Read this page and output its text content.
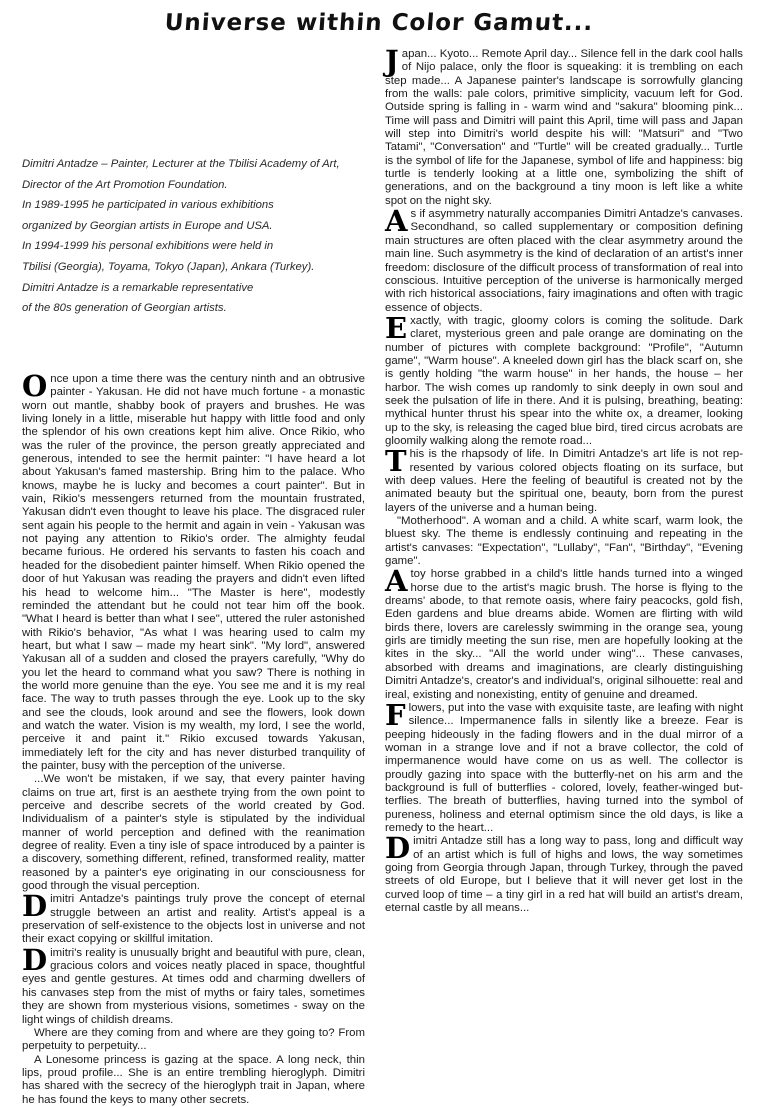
Universe within Color Gamut...
Dimitri Antadze – Painter, Lecturer at the Tbilisi Academy of Art,
Director of the Art Promotion Foundation.
In 1989-1995 he participated in various exhibitions
organized by Georgian artists in Europe and USA.
In 1994-1999 his personal exhibitions were held in
Tbilisi (Georgia), Toyama, Tokyo (Japan), Ankara (Turkey).
Dimitri Antadze is a remarkable representative
of the 80s generation of Georgian artists.

Once upon a time there was the century ninth and an obtrusive painter - Yakusan. He did not have much fortune - a monastic worn out mantle, shabby book of prayers and brushes. He was living lonely in a little, miserable hut happy with little food and only the splendor of his own creations kept him alive. Once Rikio, who was the ruler of the province, the person greatly appreciated and generous, intended to see the hermit painter: "I have heard a lot about Yakusan's famed mastership. Bring him to the palace. Who knows, maybe he is lucky and becomes a court painter". But in vain, Rikio's messengers returned from the mountain frustrated, Yakusan didn't even thought to leave his place. The disgraced ruler sent again his people to the hermit and again in vein - Yakusan was not paying any attention to Rikio's order. The almighty feudal became furious. He ordered his servants to fasten his coach and headed for the disobedient painter himself. When Rikio opened the door of hut Yakusan was reading the prayers and didn't even lifted his head to welcome him... "The Master is here", modestly reminded the attendant but he could not tear him off the book. "What I heard is better than what I see", uttered the ruler astonished with Rikio's behavior, "As what I was hearing used to calm my heart, but what I saw – made my heart sink". "My lord", answered Yakusan all of a sudden and closed the prayers carefully, "Why do you let the heard to command what you saw? There is nothing in the world more genuine than the eye. You see me and it is my real face. The way to truth passes through the eye. Look up to the sky and see the clouds, look around and see the flowers, look down and watch the water. Vision is my wealth, my lord, I see the world, perceive it and paint it." Rikio excused towards Yakusan, immediately left for the city and has never disturbed tranquility of the painter, busy with the perception of the universe.

...We won't be mistaken, if we say, that every painter having claims on true art, first is an aesthete trying from the own point to perceive and describe secrets of the world created by God. Individualism of a painter's style is stipulated by the individual manner of world perception and defined with the reanimation degree of reality. Even a tiny isle of space introduced by a painter is a discovery, something different, refined, transformed reality, matter reasoned by a painter's eye originating in our consciousness for good through the visual perception.

Dimitri Antadze's paintings truly prove the concept of eternal struggle between an artist and reality. Artist's appeal is a preservation of self-existence to the objects lost in universe and not their exact copying or skillful imitation.

Dimitri's reality is unusually bright and beautiful with pure, clean, gracious colors and voices neatly placed in space, thoughtful eyes and gentle gestures. At times odd and charming dwellers of his canvases step from the mist of myths or fairy tales, sometimes they are shown from mysterious visions, sometimes - sway on the light wings of childish dreams.

Where are they coming from and where are they going to? From perpetuity to perpetuity...

A Lonesome princess is gazing at the space. A long neck, thin lips, proud profile... She is an entire trembling hieroglyph. Dimitri has shared with the secrecy of the hieroglyph trait in Japan, where he has found the keys to many other secrets.

Japan... Kyoto... Remote April day... Silence fell in the dark cool halls of Nijo palace, only the floor is squeaking: it is trembling on each step made... A Japanese painter's landscape is sorrowfully glancing from the walls: pale colors, primitive simplicity, vacuum left for God. Outside spring is falling in - warm wind and "sakura" blooming pink... Time will pass and Dimitri will paint this April, time will pass and Japan will step into Dimitri's world despite his will: "Matsuri" and "Two Tatami", "Conversation" and "Turtle" will be created gradually... Turtle is the symbol of life for the Japanese, symbol of life and happiness: big turtle is tenderly looking at a little one, symbolizing the shift of generations, and on the background a tiny moon is left like a white spot on the night sky.

As if asymmetry naturally accompanies Dimitri Antadze's canvases. Secondhand, so called supplementary or composition defining main structures are often placed with the clear asymmetry around the main line. Such asymmetry is the kind of declaration of an artist's inner freedom: disclosure of the difficult process of transformation of real into conscious. Intuitive perception of the universe is harmonically merged with rich historical associations, fairy imaginations and often with tragic essence of objects.

Exactly, with tragic, gloomy colors is coming the solitude. Dark claret, mysterious green and pale orange are dominating on the number of pictures with complete background: "Profile", "Autumn game", "Warm house". A kneeled down girl has the black scarf on, she is gently holding "the warm house" in her hands, the house – her harbor. The wish comes up randomly to sink deeply in own soul and seek the pulsation of life in there. And it is pulsing, breathing, beating: mythical hunter thrust his spear into the white ox, a dreamer, looking up to the sky, is releasing the caged blue bird, tired circus acrobats are gloomily walking along the remote road...

This is the rhapsody of life. In Dimitri Antadze's art life is not represented by various colored objects floating on its surface, but with deep values. Here the feeling of beautiful is created not by the animated beauty but the spiritual one, beauty, born from the purest layers of the universe and a human being.

"Motherhood". A woman and a child. A white scarf, warm look, the bluest sky. The theme is endlessly continuing and repeating in the artist's canvases: "Expectation", "Lullaby", "Fan", "Birthday", "Evening game".

A toy horse grabbed in a child's little hands turned into a winged horse due to the artist's magic brush. The horse is flying to the dreams' abode, to that remote oasis, where fairy peacocks, gold fish, Eden gardens and blue dreams abide. Women are flirting with wild birds there, lovers are carelessly swimming in the orange sea, young girls are timidly meeting the sun rise, men are hopefully looking at the kites in the sky... "All the world under wing"... These canvases, absorbed with dreams and imaginations, are clearly distinguishing Dimitri Antadze's, creator's and individual's, original silhouette: real and ireal, existing and nonexisting, entity of genuine and dreamed.

Flowers, put into the vase with exquisite taste, are leafing with night silence... Impermanence falls in silently like a breeze. Fear is peeping hideously in the fading flowers and in the dual mirror of a woman in a strange love and if not a brave collector, the cold of impermanence would have come on us as well. The collector is proudly gazing into space with the butterfly-net on his arm and the background is full of butterflies - colored, lovely, feather-winged butterflies. The breath of butterflies, having turned into the symbol of pureness, holiness and eternal optimism since the old days, is like a remedy to the heart...

Dimitri Antadze still has a long way to pass, long and difficult way of an artist which is full of highs and lows, the way sometimes going from Georgia through Japan, through Turkey, through the paved streets of old Europe, but I believe that it will never get lost in the curved loop of time – a tiny girl in a red hat will build an artist's dream, eternal castle by all means...
